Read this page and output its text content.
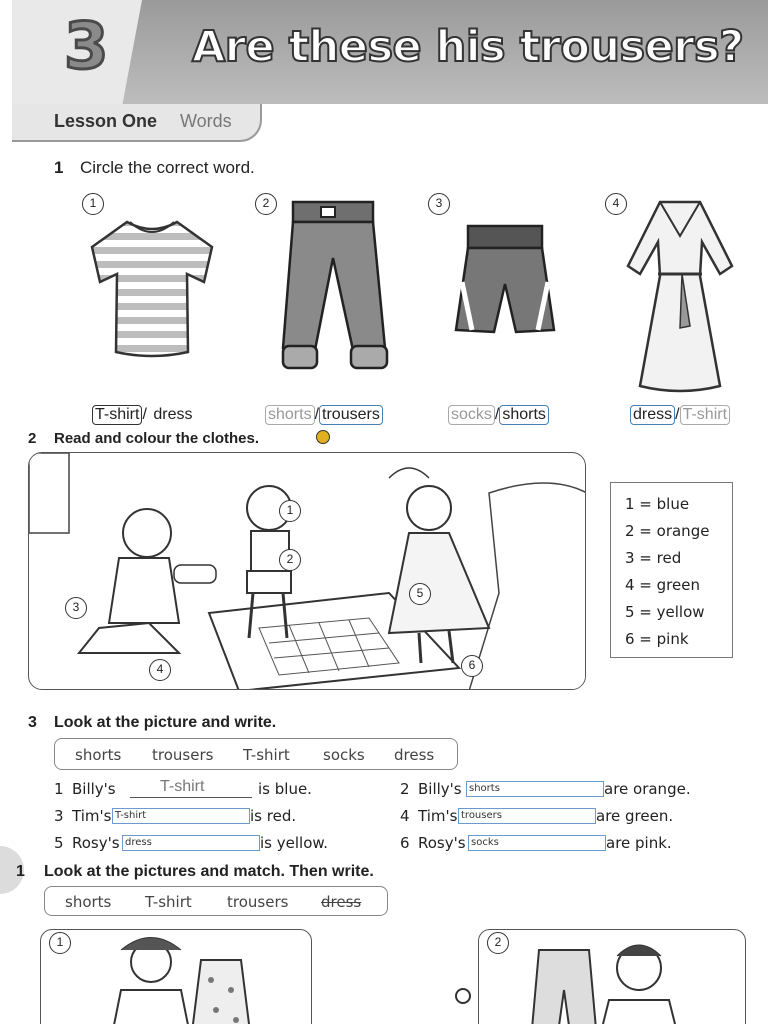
3 Are these his trousers?
Lesson One Words
1 Circle the correct word.
1	2	3	4
T-shirt / dress	shorts / trousers	socks / shorts	dress / T-shirt
2 Read and colour the clothes.
1
2
3
4
5
6
1 = blue
2 = orange
3 = red
4 = green
5 = yellow
6 = pink
3 Look at the picture and write.
shorts trousers T-shirt socks dress
1 Billy's	T-shirt	is blue.	2 Billy's shorts	are orange.
3 Tim's T-shirt	is red.	4 Tim's trousers	are green.
5 Rosy's dress	is yellow.	6 Rosy's socks	are pink.
1 Look at the pictures and match. Then write.
shorts T-shirt trousers dress
1	2
